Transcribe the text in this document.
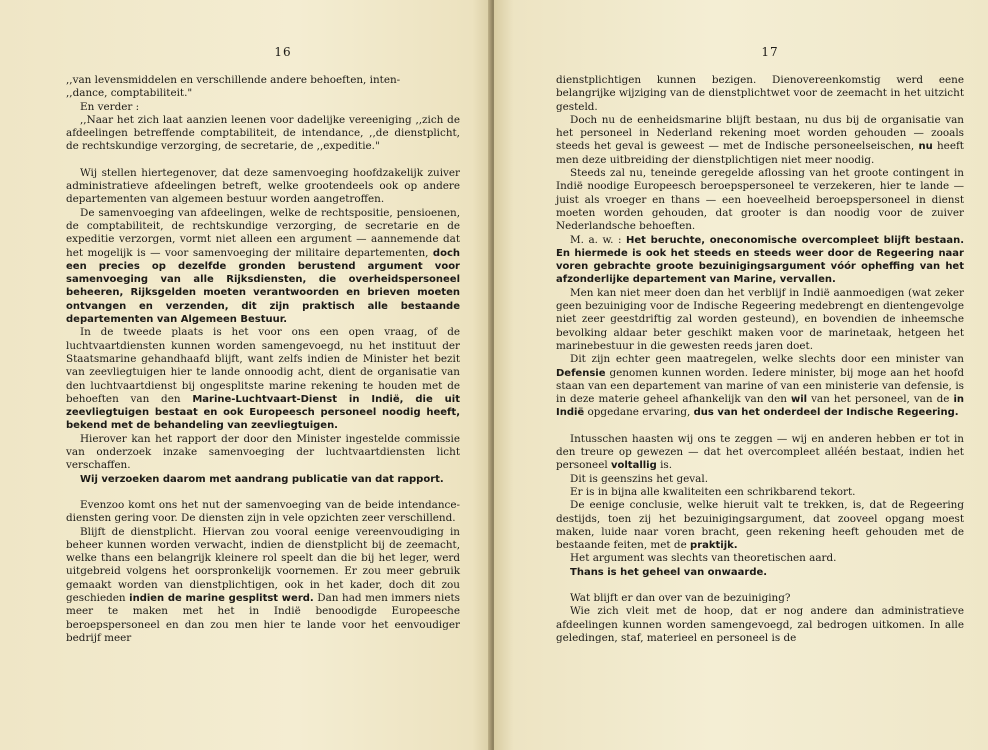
16

,,van levensmiddelen en verschillende andere behoeften, inten-
,,dance, comptabiliteit."

En verder :

,,Naar het zich laat aanzien leenen voor dadelijke vereeniging ,,zich de afdeelingen betreffende comptabiliteit, de intendance, ,,de dienstplicht, de rechtskundige verzorging, de secretarie, de ,,expeditie."

Wij stellen hiertegenover, dat deze samenvoeging hoofdzakelijk zuiver administratieve afdeelingen betreft, welke grootendeels ook op andere departementen van algemeen bestuur worden aangetroffen.

De samenvoeging van afdeelingen, welke de rechtspositie, pensioenen, de comptabiliteit, de rechtskundige verzorging, de secretarie en de expeditie verzorgen, vormt niet alleen een argument — aannemende dat het mogelijk is — voor samenvoeging der militaire departementen, doch een precies op dezelfde gronden berustend argument voor samenvoeging van alle Rijksdiensten, die overheidspersoneel beheeren, Rijksgelden moeten verantwoorden en brieven moeten ontvangen en verzenden, dit zijn praktisch alle bestaande departementen van Algemeen Bestuur.

In de tweede plaats is het voor ons een open vraag, of de luchtvaartdiensten kunnen worden samengevoegd, nu het instituut der Staatsmarine gehandhaafd blijft, want zelfs indien de Minister het bezit van zeevliegtuigen hier te lande onnoodig acht, dient de organisatie van den luchtvaartdienst bij ongesplitste marine rekening te houden met de behoeften van den Marine-Luchtvaart-Dienst in Indië, die uit zeevliegtuigen bestaat en ook Europeesch personeel noodig heeft, bekend met de behandeling van zeevliegtuigen.

Hierover kan het rapport der door den Minister ingestelde commissie van onderzoek inzake samenvoeging der luchtvaartdiensten licht verschaffen.

Wij verzoeken daarom met aandrang publicatie van dat rapport.

Evenzoo komt ons het nut der samenvoeging van de beide intendance-diensten gering voor. De diensten zijn in vele opzichten zeer verschillend.

Blijft de dienstplicht. Hiervan zou vooral eenige vereenvoudiging in beheer kunnen worden verwacht, indien de dienstplicht bij de zeemacht, welke thans een belangrijk kleinere rol speelt dan die bij het leger, werd uitgebreid volgens het oorspronkelijk voornemen. Er zou meer gebruik gemaakt worden van dienstplichtigen, ook in het kader, doch dit zou geschieden indien de marine gesplitst werd. Dan had men immers niets meer te maken met het in Indië benoodigde Europeesche beroepspersoneel en dan zou men hier te lande voor het eenvoudiger bedrijf meer

17

dienstplichtigen kunnen bezigen. Dienovereenkomstig werd eene belangrijke wijziging van de dienstplichtwet voor de zeemacht in het uitzicht gesteld.

Doch nu de eenheidsmarine blijft bestaan, nu dus bij de organisatie van het personeel in Nederland rekening moet worden gehouden — zooals steeds het geval is geweest — met de Indische personeelseischen, nu heeft men deze uitbreiding der dienstplichtigen niet meer noodig.

Steeds zal nu, teneinde geregelde aflossing van het groote contingent in Indië noodige Europeesch beroepspersoneel te verzekeren, hier te lande — juist als vroeger en thans — een hoeveelheid beroepspersoneel in dienst moeten worden gehouden, dat grooter is dan noodig voor de zuiver Nederlandsche behoeften.

M. a. w. : Het beruchte, oneconomische overcompleet blijft bestaan. En hiermede is ook het steeds en steeds weer door de Regeering naar voren gebrachte groote bezuinigingsargument vóór opheffing van het afzonderlijke departement van Marine, vervallen.

Men kan niet meer doen dan het verblijf in Indië aanmoedigen (wat zeker geen bezuiniging voor de Indische Regeering medebrengt en dientengevolge niet zeer geestdriftig zal worden gesteund), en bovendien de inheemsche bevolking aldaar beter geschikt maken voor de marinetaak, hetgeen het marinebestuur in die gewesten reeds jaren doet.

Dit zijn echter geen maatregelen, welke slechts door een minister van Defensie genomen kunnen worden. Iedere minister, bij moge aan het hoofd staan van een departement van marine of van een ministerie van defensie, is in deze materie geheel afhankelijk van den wil van het personeel, van de in Indië opgedane ervaring, dus van het onderdeel der Indische Regeering.

Intusschen haasten wij ons te zeggen — wij en anderen hebben er tot in den treure op gewezen — dat het overcompleet alléén bestaat, indien het personeel voltallig is.

Dit is geenszins het geval.

Er is in bijna alle kwaliteiten een schrikbarend tekort.

De eenige conclusie, welke hieruit valt te trekken, is, dat de Regeering destijds, toen zij het bezuinigingsargument, dat zooveel opgang moest maken, luide naar voren bracht, geen rekening heeft gehouden met de bestaande feiten, met de praktijk.

Het argument was slechts van theoretischen aard.

Thans is het geheel van onwaarde.

Wat blijft er dan over van de bezuiniging?

Wie zich vleit met de hoop, dat er nog andere dan administratieve afdeelingen kunnen worden samengevoegd, zal bedrogen uitkomen. In alle geledingen, staf, materieel en personeel is de
